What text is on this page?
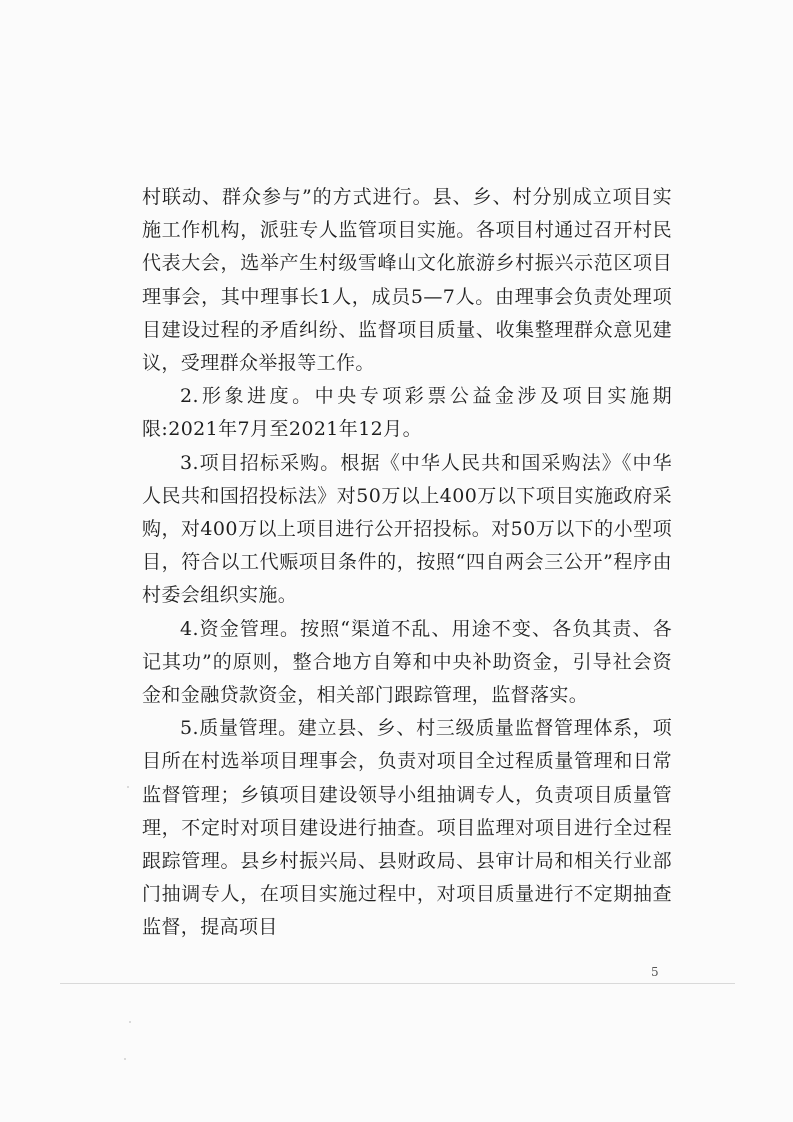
村联动、群众参与”的方式进行。县、乡、村分别成立项目实施工作机构，派驻专人监管项目实施。各项目村通过召开村民代表大会，选举产生村级雪峰山文化旅游乡村振兴示范区项目理事会，其中理事长1人，成员5—7人。由理事会负责处理项目建设过程的矛盾纠纷、监督项目质量、收集整理群众意见建议，受理群众举报等工作。

2.形象进度。中央专项彩票公益金涉及项目实施期限:2021年7月至2021年12月。

3.项目招标采购。根据《中华人民共和国采购法》《中华人民共和国招投标法》对50万以上400万以下项目实施政府采购，对400万以上项目进行公开招投标。对50万以下的小型项目，符合以工代赈项目条件的，按照“四自两会三公开”程序由村委会组织实施。

4.资金管理。按照“渠道不乱、用途不变、各负其责、各记其功”的原则，整合地方自筹和中央补助资金，引导社会资金和金融贷款资金，相关部门跟踪管理，监督落实。

5.质量管理。建立县、乡、村三级质量监督管理体系，项目所在村选举项目理事会，负责对项目全过程质量管理和日常监督管理；乡镇项目建设领导小组抽调专人，负责项目质量管理，不定时对项目建设进行抽查。项目监理对项目进行全过程跟踪管理。县乡村振兴局、县财政局、县审计局和相关行业部门抽调专人，在项目实施过程中，对项目质量进行不定期抽查监督，提高项目

5
